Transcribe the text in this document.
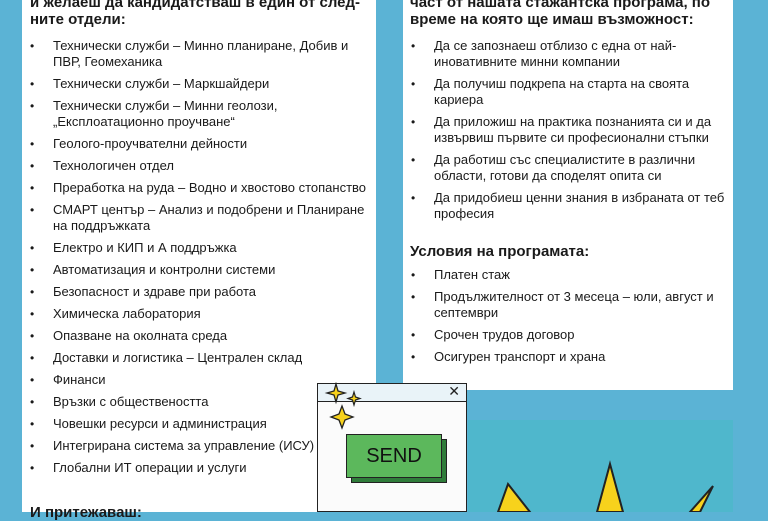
и желаеш да кандидатстваш в един от след-
ните отдели:

• Технически служби – Минно планиране, Добив и ПВР, Геомеханика
• Технически служби – Маркшайдери
• Технически служби – Минни геолози, „Експлоатационно проучване“
• Геолого-проучвателни дейности
• Технологичен отдел
• Преработка на руда – Водно и хвостово стопанство
• СМАРТ център – Анализ и подобрени и Планиране на поддръжката
• Електро и КИП и А поддръжка
• Автоматизация и контролни системи
• Безопасност и здраве при работа
• Химическа лаборатория
• Опазване на околната среда
• Доставки и логистика – Централен склад
• Финанси
• Връзки с обществеността
• Човешки ресурси и администрация
• Интегрирана система за управление (ИСУ)
• Глобални ИТ операции и услуги

И притежаваш:

част от нашата стажантска програма, по
време на която ще имаш възможност:

• Да се запознаеш отблизо с една от най-иновативните минни компании
• Да получиш подкрепа на старта на своята кариера
• Да приложиш на практика познанията си и да извървиш първите си професионални стъпки
• Да работиш със специалистите в различни области, готови да споделят опита си
• Да придобиеш ценни знания в избраната от теб професия

Условия на програмата:

• Платен стаж
• Продължителност от 3 месеца – юли, август и септември
• Срочен трудов договор
• Осигурен транспорт и храна
✕
SEND
